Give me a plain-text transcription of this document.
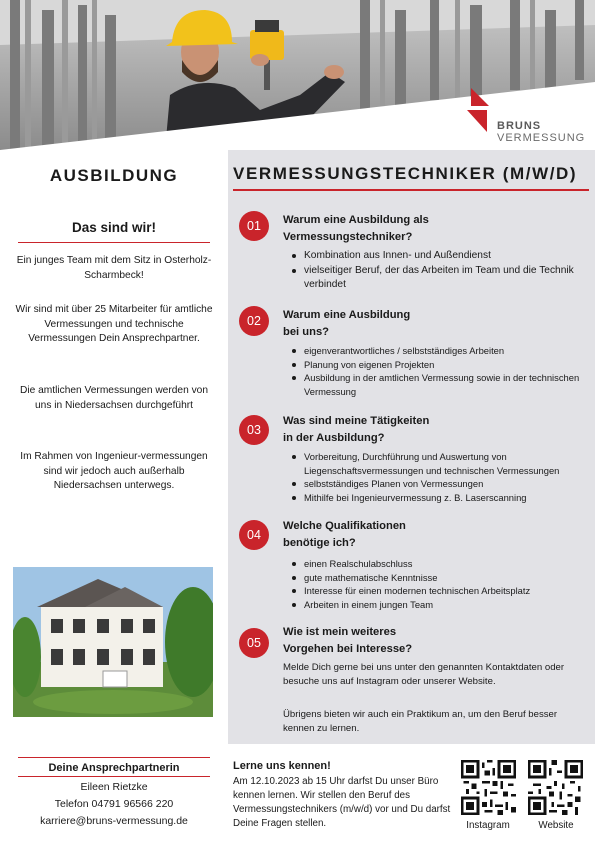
BRUNS
VERMESSUNG
AUSBILDUNG
Das sind wir!
Ein junges Team mit dem Sitz in Osterholz-Scharmbeck!
Wir sind mit über 25 Mitarbeiter für amtliche Vermessungen und technische Vermessungen Dein Ansprechpartner.
Die amtlichen Vermessungen werden von uns in Niedersachsen durchgeführt
Im Rahmen von Ingenieur-vermessungen sind wir jedoch auch außerhalb Niedersachsen unterwegs.
Deine Ansprechpartnerin
Eileen Rietzke
Telefon 04791 96566 220
karriere@bruns-vermessung.de
VERMESSUNGSTECHNIKER (M/W/D)
01	Warum eine Ausbildung als
Vermessungstechniker?
Kombination aus Innen- und Außendienst
vielseitiger Beruf, der das Arbeiten im Team und die Technik verbindet
02	Warum eine Ausbildung
bei uns?
eigenverantwortliches / selbstständiges Arbeiten
Planung von eigenen Projekten
Ausbildung in der amtlichen Vermessung sowie in der technischen Vermessung
03
Was sind meine Tätigkeiten
in der Ausbildung?
Vorbereitung, Durchführung und Auswertung von Liegenschaftsvermessungen und technischen Vermessungen
selbstständiges Planen von Vermessungen
Mithilfe bei Ingenieurvermessung z. B. Laserscanning
04
Welche Qualifikationen
benötige ich?
einen Realschulabschluss
gute mathematische Kenntnisse
Interesse für einen modernen technischen Arbeitsplatz
Arbeiten in einem jungen Team
05
Wie ist mein weiteres
Vorgehen bei Interesse?
Melde Dich gerne bei uns unter den genannten Kontaktdaten oder besuche uns auf Instagram oder unserer Website.
Übrigens bieten wir auch ein Praktikum an, um den Beruf besser kennen zu lernen.
Lerne uns kennen!
Am 12.10.2023 ab 15 Uhr darfst Du unser Büro kennen lernen. Wir stellen den Beruf des Vermessungstechnikers (m/w/d) vor und Du darfst Deine Fragen stellen.	Instagram	Website
